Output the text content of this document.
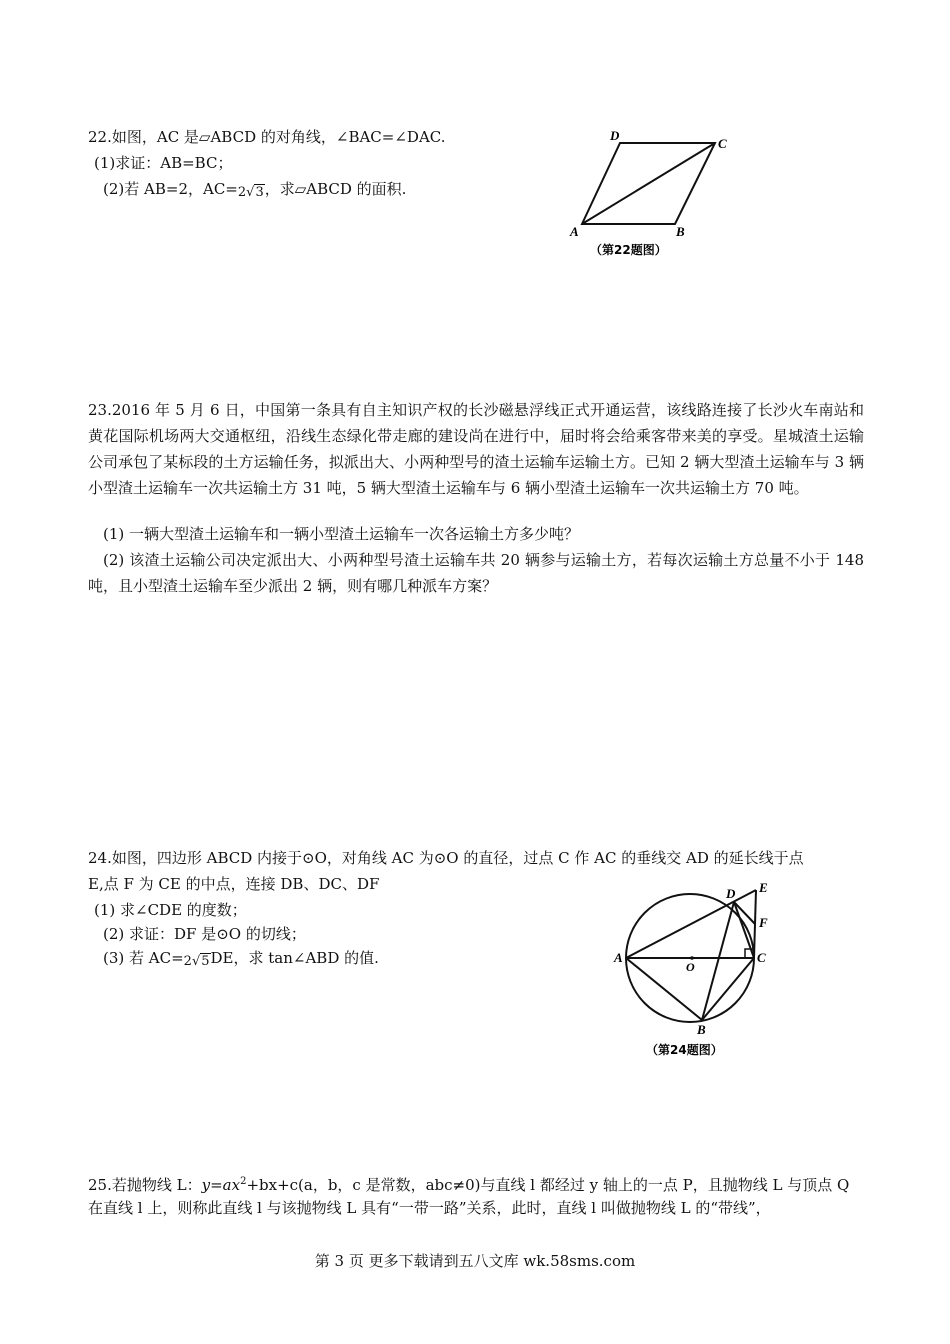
22.如图，AC 是▱ABCD 的对角线，∠BAC=∠DAC.
(1)求证：AB=BC；
(2)若 AB=2，AC=2√3，求▱ABCD 的面积.
D
C
A	B
（第22题图）
23.2016 年 5 月 6 日，中国第一条具有自主知识产权的长沙磁悬浮线正式开通运营，该线路连接了长沙火车南站和黄花国际机场两大交通枢纽，沿线生态绿化带走廊的建设尚在进行中，届时将会给乘客带来美的享受。星城渣土运输公司承包了某标段的土方运输任务，拟派出大、小两种型号的渣土运输车运输土方。已知 2 辆大型渣土运输车与 3 辆小型渣土运输车一次共运输土方 31 吨，5 辆大型渣土运输车与 6 辆小型渣土运输车一次共运输土方 70 吨。
(1) 一辆大型渣土运输车和一辆小型渣土运输车一次各运输土方多少吨？
(2) 该渣土运输公司决定派出大、小两种型号渣土运输车共 20 辆参与运输土方，若每次运输土方总量不小于 148 吨，且小型渣土运输车至少派出 2 辆，则有哪几种派车方案？
24.如图，四边形 ABCD 内接于⊙O，对角线 AC 为⊙O 的直径，过点 C 作 AC 的垂线交 AD 的延长线于点
E,点 F 为 CE 的中点，连接 DB、DC、DF
(1) 求∠CDE 的度数；
(2) 求证：DF 是⊙O 的切线；
(3) 若 AC=2√5DE，求 tan∠ABD 的值.
D E
F
A
O
C
B
（第24题图）
25.若抛物线 L：$y=ax^2+bx+c(a$，b，c 是常数，abc≠0)与直线 l 都经过 y 轴上的一点 P，且抛物线 L 与顶点 Q
在直线 l 上，则称此直线 l 与该抛物线 L 具有“一带一路”关系，此时，直线 l 叫做抛物线 L 的“带线”，
第 3 页 更多下载请到五八文库 wk.58sms.com
